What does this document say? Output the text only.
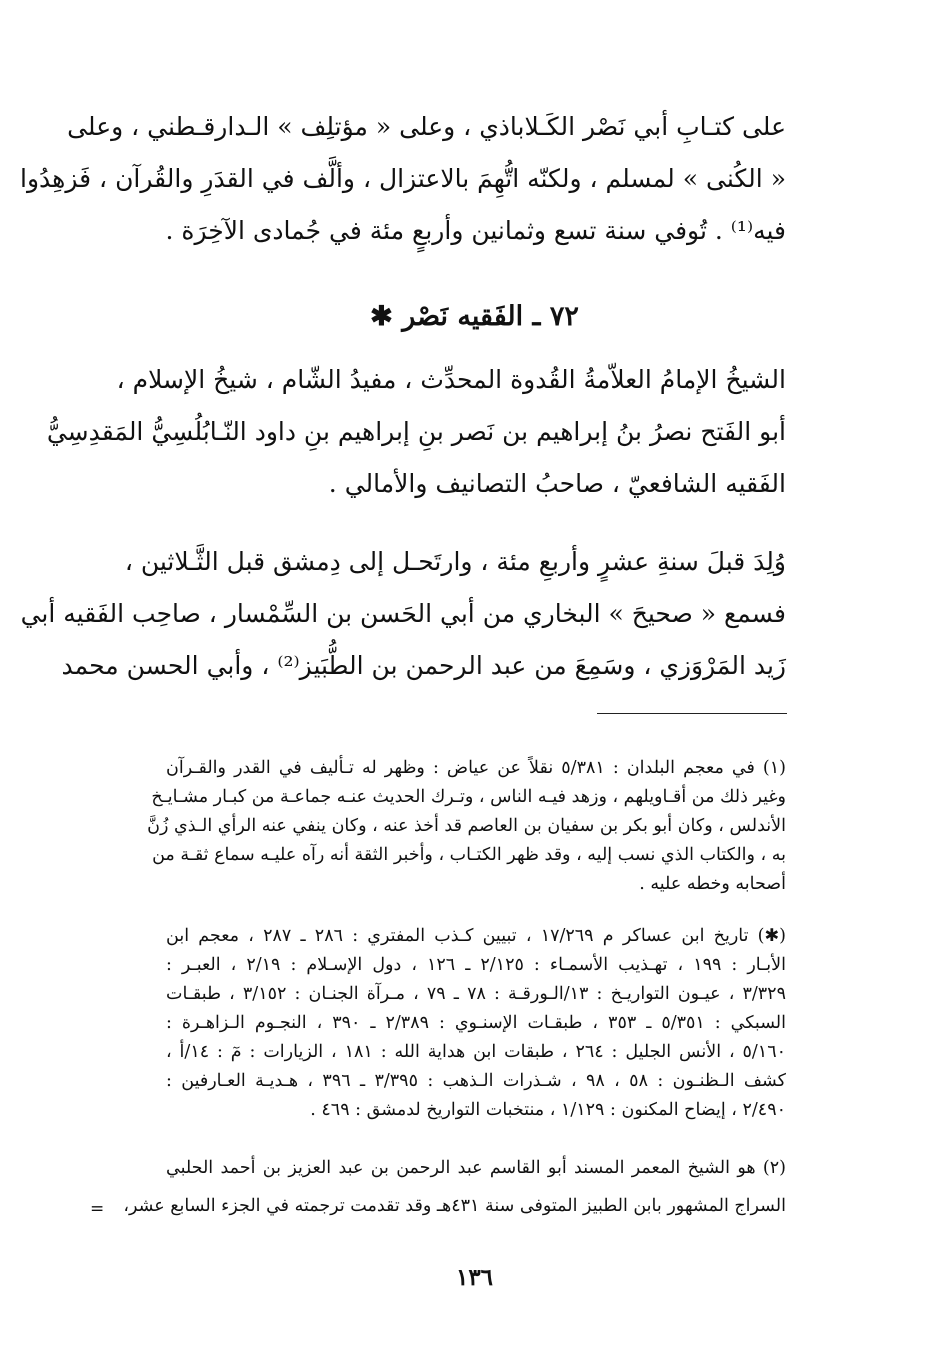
على كتـابِ أبي نَصْر الكَـلاباذي ، وعلى « مؤتلِف » الـدارقـطني ، وعلى
« الكُنى » لمسلم ، ولكنّه اتُّهِمَ بالاعتزال ، وألَّف في القدَرِ والقُرآن ، فَزهِدُوا
فيه⁽¹⁾ . تُوفي سنة تسع وثمانين وأربعٍ مئة في جُمادى الآخِرَة .
٧٢ ـ الفَقيه نَصْر ✱
الشيخُ الإمامُ العلاّمةُ القُدوة المحدِّث ، مفيدُ الشّام ، شيخُ الإسلام ،
أبو الفَتح نصرُ بنُ إبراهيم بن نَصر بنِ إبراهيم بنِ داود النّـابُلُسِيُّ المَقدِسِيُّ
الفَقيه الشافعيّ ، صاحبُ التصانيف والأمالي .
وُلِدَ قبلَ سنةِ عشرٍ وأربعِ مئة ، وارتَحـل إلى دِمشق قبل الثَّـلاثين ،
فسمع « صحيحَ » البخاري من أبي الحَسن بن السِّمْسار ، صاحِب الفَقيه أبي
زَيد المَرْوَزي ، وسَمِعَ من عبد الرحمن بن الطُّبَيز⁽²⁾ ، وأبي الحسن محمد
(١) في معجم البلدان : ٥/٣٨١ نقلاً عن عياض : وظهر له تـأليف في القدر والقـرآن
وغير ذلك من أقـاويلهم ، وزهد فيـه الناس ، وتـرك الحديث عنـه جماعـة من كبـار مشـايـخ
الأندلس ، وكان أبو بكر بن سفيان بن العاصم قد أخذ عنه ، وكان ينفي عنه الرأي الـذي زُنَّ
به ، والكتاب الذي نسب إليه ، وقد ظهر الكتـاب ، وأخبر الثقة أنه رآه عليـه سماع ثقـة من
أصحابه وخطه عليه .
(✱) تاريخ ابن عساكر م ١٧/٢٦٩ ، تبيين كـذب المفتري : ٢٨٦ ـ ٢٨٧ ، معجم ابن
الأبـار : ١٩٩ ، تهـذيب الأسمـاء : ٢/١٢٥ ـ ١٢٦ ، دول الإسـلام : ٢/١٩ ، العبـر :
٣/٣٢٩ ، عيـون التواريـخ : ١٣/الـورقـة : ٧٨ ـ ٧٩ ، مـرآة الجنـان : ٣/١٥٢ ، طبقـات
السبكي : ٥/٣٥١ ـ ٣٥٣ ، طبقـات الإسنـوي : ٢/٣٨٩ ـ ٣٩٠ ، النجـوم الـزاهـرة :
٥/١٦٠ ، الأنس الجليل : ٢٦٤ ، طبقات ابن هداية الله : ١٨١ ، الزيارات : مٓ : ١٤/أ ،
كشف الـظنـون : ٥٨ ، ٩٨ ، شـذرات الـذهب : ٣/٣٩٥ ـ ٣٩٦ ، هـديـة العـارفين :
٢/٤٩٠ ، إيضاح المكنون : ١/١٢٩ ، منتخبات التواريخ لدمشق : ٤٦٩ .
(٢) هو الشيخ المعمر المسند أبو القاسم عبد الرحمن بن عبد العزيز بن أحمد الحلبي
السراج المشهور بابن الطبيز المتوفى سنة ٤٣١هـ وقد تقدمت ترجمته في الجزء السابع عشر،
=
١٣٦
